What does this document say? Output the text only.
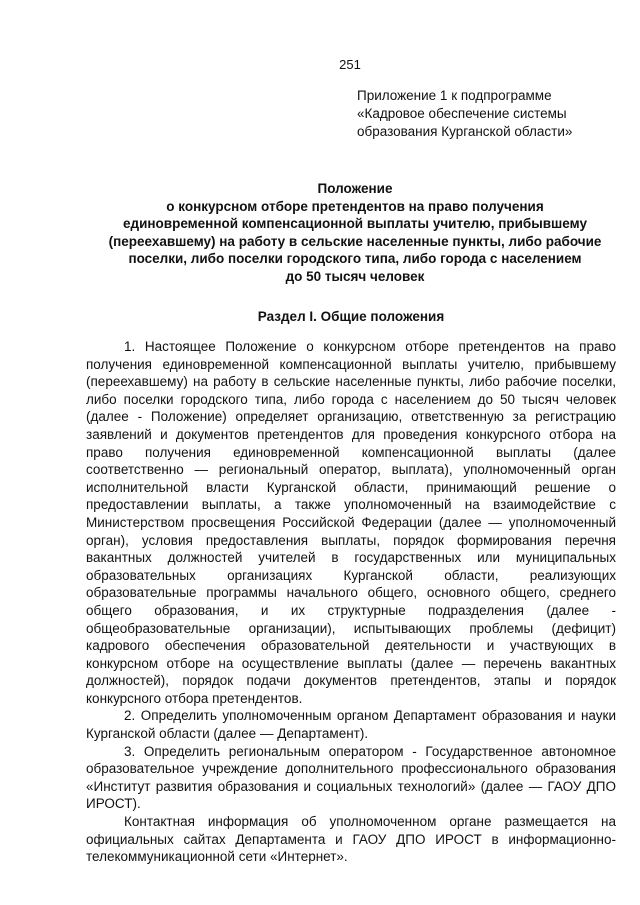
251
Приложение 1 к подпрограмме
«Кадровое обеспечение системы
образования Курганской области»
Положение
о конкурсном отборе претендентов на право получения
единовременной компенсационной выплаты учителю, прибывшему
(переехавшему) на работу в сельские населенные пункты, либо рабочие
поселки, либо поселки городского типа, либо города с населением
до 50 тысяч человек
Раздел I. Общие положения

1. Настоящее Положение о конкурсном отборе претендентов на право получения единовременной компенсационной выплаты учителю, прибывшему (переехавшему) на работу в сельские населенные пункты, либо рабочие поселки, либо поселки городского типа, либо города с населением до 50 тысяч человек (далее - Положение) определяет организацию, ответственную за регистрацию заявлений и документов претендентов для проведения конкурсного отбора на право получения единовременной компенсационной выплаты (далее соответственно — региональный оператор, выплата), уполномоченный орган исполнительной власти Курганской области, принимающий решение о предоставлении выплаты, а также уполномоченный на взаимодействие с Министерством просвещения Российской Федерации (далее — уполномоченный орган), условия предоставления выплаты, порядок формирования перечня вакантных должностей учителей в государственных или муниципальных образовательных организациях Курганской области, реализующих образовательные программы начального общего, основного общего, среднего общего образования, и их структурные подразделения (далее - общеобразовательные организации), испытывающих проблемы (дефицит) кадрового обеспечения образовательной деятельности и участвующих в конкурсном отборе на осуществление выплаты (далее — перечень вакантных должностей), порядок подачи документов претендентов, этапы и порядок конкурсного отбора претендентов.

2. Определить уполномоченным органом Департамент образования и науки Курганской области (далее — Департамент).

3. Определить региональным оператором - Государственное автономное образовательное учреждение дополнительного профессионального образования «Институт развития образования и социальных технологий» (далее — ГАОУ ДПО ИРОСТ).

Контактная информация об уполномоченном органе размещается на официальных сайтах Департамента и ГАОУ ДПО ИРОСТ в информационно-телекоммуникационной сети «Интернет».
